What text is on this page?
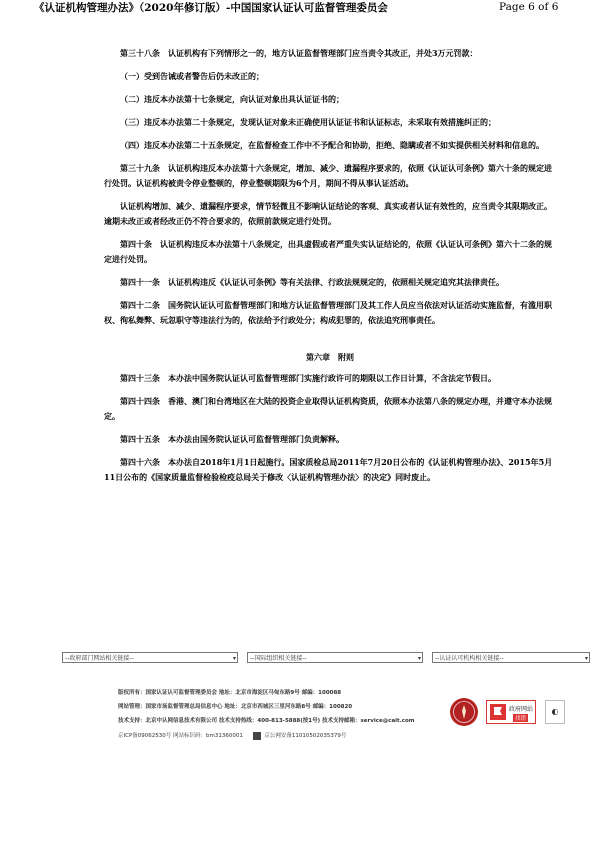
《认证机构管理办法》（2020年修订版）-中国国家认证认可监督管理委员会	Page 6 of 6

第三十八条　认证机构有下列情形之一的，地方认证监督管理部门应当责令其改正，并处3万元罚款：

（一）受到告诫或者警告后仍未改正的；

（二）违反本办法第十七条规定，向认证对象出具认证证书的；

（三）违反本办法第二十条规定，发现认证对象未正确使用认证证书和认证标志，未采取有效措施纠正的；

（四）违反本办法第二十五条规定，在监督检查工作中不予配合和协助，拒绝、隐瞒或者不如实提供相关材料和信息的。

第三十九条　认证机构违反本办法第十六条规定，增加、减少、遗漏程序要求的，依照《认证认可条例》第六十条的规定进行处罚。认证机构被责令停业整顿的，停业整顿期限为6个月，期间不得从事认证活动。

认证机构增加、减少、遗漏程序要求，情节轻微且不影响认证结论的客观、真实或者认证有效性的，应当责令其限期改正。逾期未改正或者经改正仍不符合要求的，依照前款规定进行处罚。

第四十条　认证机构违反本办法第十八条规定，出具虚假或者严重失实认证结论的，依照《认证认可条例》第六十二条的规定进行处罚。

第四十一条　认证机构违反《认证认可条例》等有关法律、行政法规规定的，依照相关规定追究其法律责任。

第四十二条　国务院认证认可监督管理部门和地方认证监督管理部门及其工作人员应当依法对认证活动实施监督，有滥用职权、徇私舞弊、玩忽职守等违法行为的，依法给予行政处分；构成犯罪的，依法追究刑事责任。

第六章　附则

第四十三条　本办法中国务院认证认可监督管理部门实施行政许可的期限以工作日计算，不含法定节假日。

第四十四条　香港、澳门和台湾地区在大陆的投资企业取得认证机构资质，依照本办法第八条的规定办理，并遵守本办法规定。

第四十五条　本办法由国务院认证认可监督管理部门负责解释。

第四十六条　本办法自2018年1月1日起施行。国家质检总局2011年7月20日公布的《认证机构管理办法》、2015年5月11日公布的《国家质量监督检验检疫总局关于修改〈认证机构管理办法〉的决定》同时废止。

--政府部门网站相关链接--	▾	--国际组织相关链接--	▾	--认证认可机构相关链接--	▾
版权所有：国家认证认可监督管理委员会 地址：北京市海淀区马甸东路9号 邮编：100088
网站管理：国家市场监督管理总局信息中心 地址：北京市西城区三里河东路8号 邮编：100820
技术支持：北京中认网信息技术有限公司 技术支持热线：400-813-5888(按1号) 技术支持邮箱：service@cait.com
京ICP备09062530号 网站标识码：bm31360001	京公网安备11010502035379号
政府网站
找错
◐
